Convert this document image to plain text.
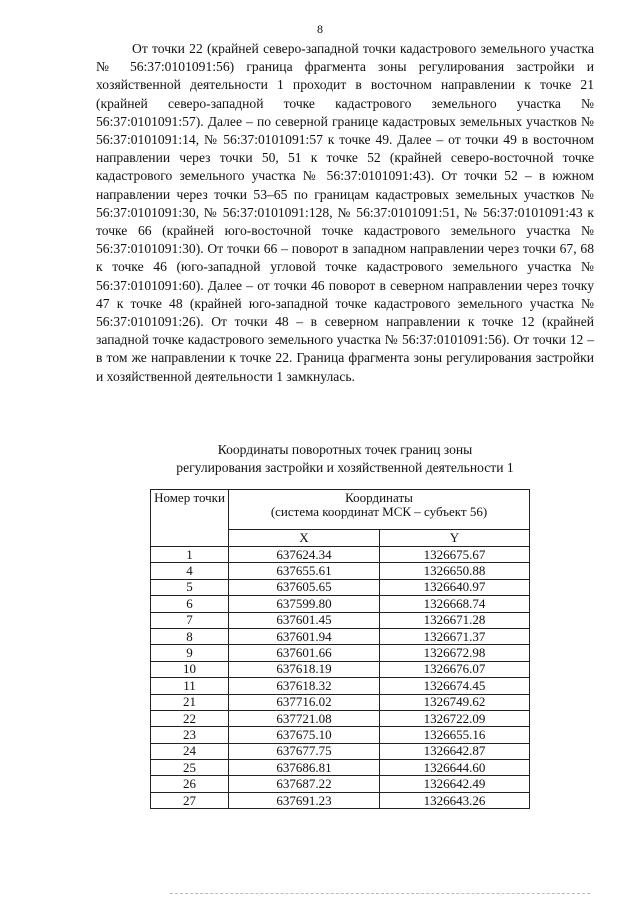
8

От точки 22 (крайней северо-западной точки кадастрового земельного участка № 56:37:0101091:56) граница фрагмента зоны регулирования застройки и хозяйственной деятельности 1 проходит в восточном направлении к точке 21 (крайней северо-западной точке кадастрового земельного участка № 56:37:0101091:57). Далее – по северной границе кадастровых земельных участков № 56:37:0101091:14, № 56:37:0101091:57 к точке 49. Далее – от точки 49 в восточном направлении через точки 50, 51 к точке 52 (крайней северо-восточной точке кадастрового земельного участка № 56:37:0101091:43). От точки 52 – в южном направлении через точки 53–65 по границам кадастровых земельных участков № 56:37:0101091:30, № 56:37:0101091:128, № 56:37:0101091:51, № 56:37:0101091:43 к точке 66 (крайней юго-восточной точке кадастрового земельного участка № 56:37:0101091:30). От точки 66 – поворот в западном направлении через точки 67, 68 к точке 46 (юго-западной угловой точке кадастрового земельного участка № 56:37:0101091:60). Далее – от точки 46 поворот в северном направлении через точку 47 к точке 48 (крайней юго-западной точке кадастрового земельного участка № 56:37:0101091:26). От точки 48 – в северном направлении к точке 12 (крайней западной точке кадастрового земельного участка № 56:37:0101091:56). От точки 12 – в том же направлении к точке 22. Граница фрагмента зоны регулирования застройки и хозяйственной деятельности 1 замкнулась.

Координаты поворотных точек границ зоны
регулирования застройки и хозяйственной деятельности 1
Номер точки	Координаты
(система координат МСК – субъект 56)	

	X	Y
1	637624.34	1326675.67
4	637655.61	1326650.88
5	637605.65	1326640.97
6	637599.80	1326668.74
7	637601.45	1326671.28
8	637601.94	1326671.37
9	637601.66	1326672.98
10	637618.19	1326676.07
11	637618.32	1326674.45
21	637716.02	1326749.62
22	637721.08	1326722.09
23	637675.10	1326655.16
24	637677.75	1326642.87
25	637686.81	1326644.60
26	637687.22	1326642.49
27	637691.23	1326643.26
